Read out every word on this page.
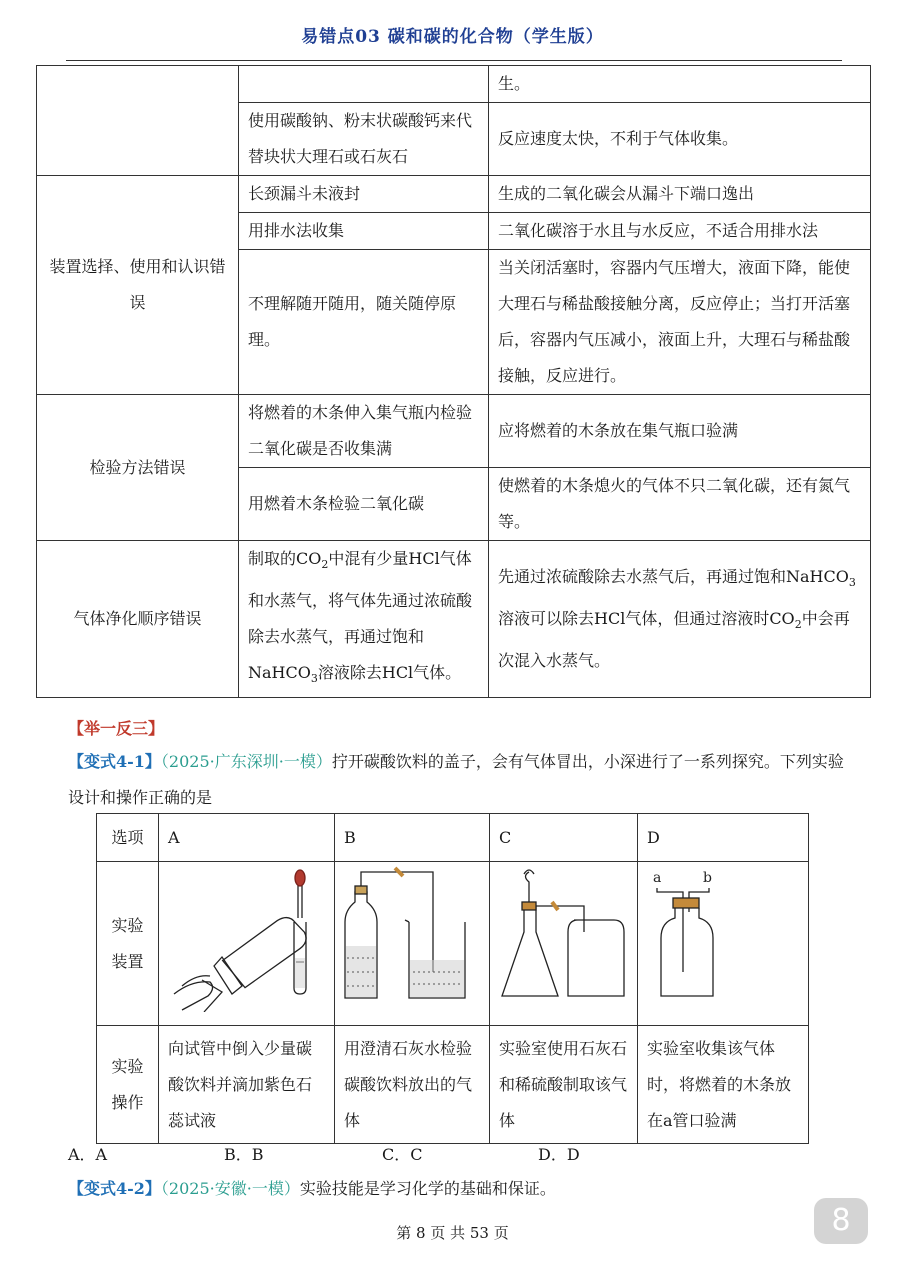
易错点03 碳和碳的化合物（学生版）
		生。
	使用碳酸钠、粉末状碳酸钙来代替块状大理石或石灰石	反应速度太快，不利于气体收集。
装置选择、使用和认识错误	长颈漏斗未液封	生成的二氧化碳会从漏斗下端口逸出
	用排水法收集	二氧化碳溶于水且与水反应，不适合用排水法
	不理解随开随用，随关随停原理。	当关闭活塞时，容器内气压增大，液面下降，能使大理石与稀盐酸接触分离，反应停止；当打开活塞后，容器内气压减小，液面上升，大理石与稀盐酸接触，反应进行。
检验方法错误	将燃着的木条伸入集气瓶内检验二氧化碳是否收集满	应将燃着的木条放在集气瓶口验满
	用燃着木条检验二氧化碳	使燃着的木条熄火的气体不只二氧化碳，还有氮气等。
气体净化顺序错误	制取的$CO_2$中混有少量HCl气体和水蒸气，将气体先通过浓硫酸除去水蒸气，再通过饱和NaHCO$_3$溶液除去HCl气体。	先通过浓硫酸除去水蒸气后，再通过饱和NaHCO$_3$溶液可以除去HCl气体，但通过溶液时$CO_2$中会再次混入水蒸气。
【举一反三】
【变式4-1】（2025·广东深圳·一模）拧开碳酸饮料的盖子，会有气体冒出，小深进行了一系列探究。下列实验设计和操作正确的是
选项	A	B	C	D
实验装置				a b

实验操作	向试管中倒入少量碳酸饮料并滴加紫色石蕊试液	用澄清石灰水检验碳酸饮料放出的气体	实验室使用石灰石和稀硫酸制取该气体	实验室收集该气体时，将燃着的木条放在a管口验满
A．A	B．B	C．C	D．D
【变式4-2】（2025·安徽·一模）实验技能是学习化学的基础和保证。
第 8 页 共 53 页	8
